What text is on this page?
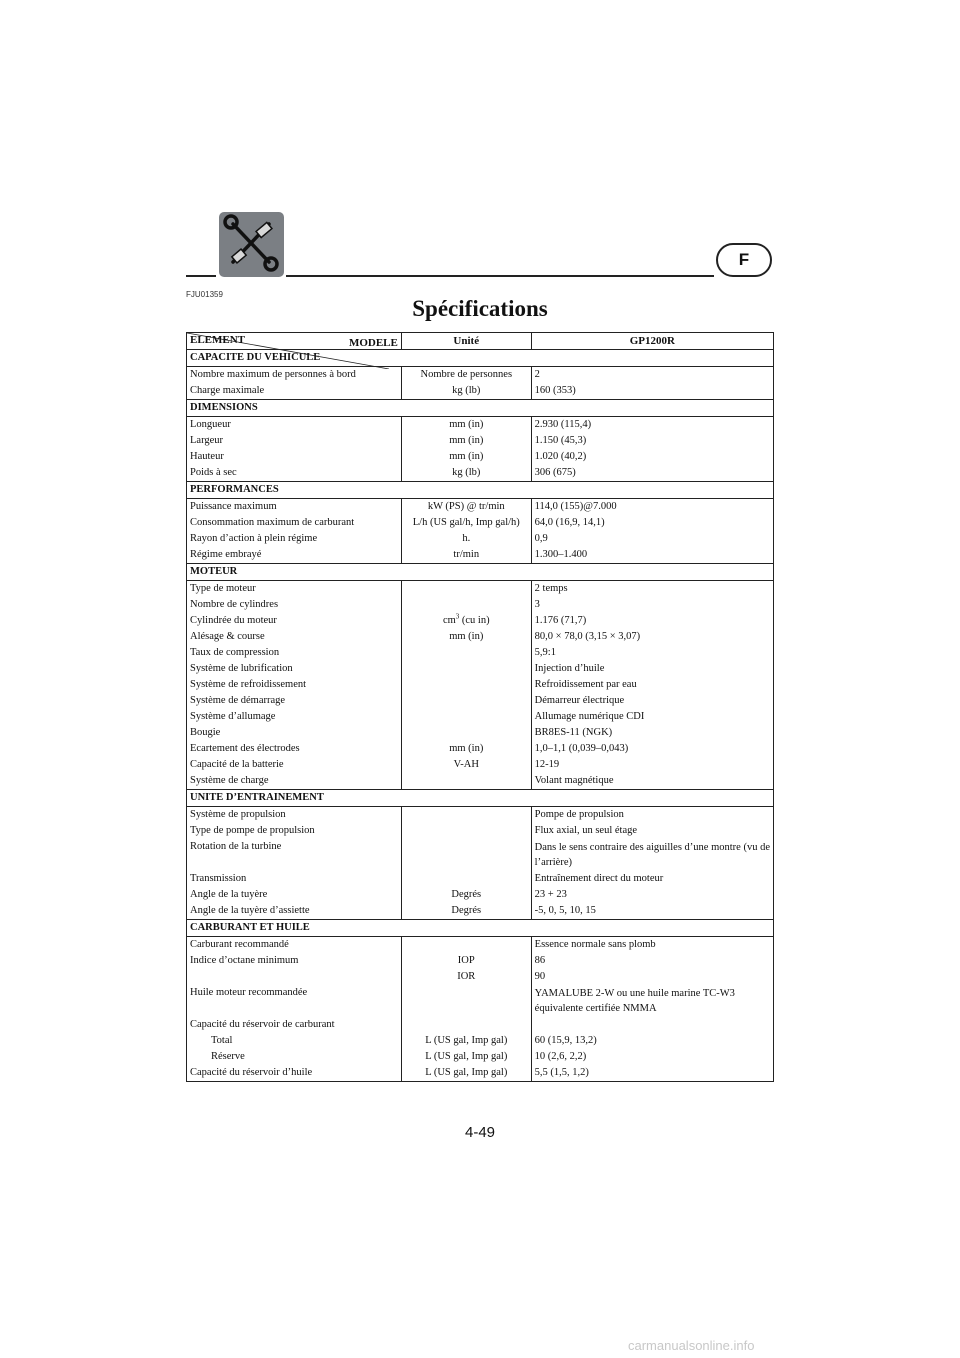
F
FJU01359
Spécifications
MODELE
ELEMENT	Unité	GP1200R
CAPACITE DU VEHICULE		
Nombre maximum de personnes à bord	Nombre de personnes	2
Charge maximale	kg (lb)	160 (353)
DIMENSIONS		
Longueur	mm (in)	2.930 (115,4)
Largeur	mm (in)	1.150 (45,3)
Hauteur	mm (in)	1.020 (40,2)
Poids à sec	kg (lb)	306 (675)
PERFORMANCES		
Puissance maximum	kW (PS) @ tr/min	114,0 (155)@7.000
Consommation maximum de carburant	L/h (US gal/h, Imp gal/h)	64,0 (16,9, 14,1)
Rayon d’action à plein régime	h.	0,9
Régime embrayé	tr/min	1.300–1.400
MOTEUR		
Type de moteur		2 temps
Nombre de cylindres		3
Cylindrée du moteur	$cm^3$ (cu in)	1.176 (71,7)
Alésage & course	mm (in)	80,0 × 78,0 (3,15 × 3,07)
Taux de compression		5,9:1
Système de lubrification		Injection d’huile
Système de refroidissement		Refroidissement par eau
Système de démarrage		Démarreur électrique
Système d’allumage		Allumage numérique CDI
Bougie		BR8ES-11 (NGK)
Ecartement des électrodes	mm (in)	1,0–1,1 (0,039–0,043)
Capacité de la batterie	V-AH	12-19
Système de charge		Volant magnétique
UNITE D’ENTRAINEMENT		
Système de propulsion		Pompe de propulsion
Type de pompe de propulsion		Flux axial, un seul étage
Rotation de la turbine		Dans le sens contraire des aiguilles d’une montre (vu de l’arrière)
Transmission		Entraînement direct du moteur
Angle de la tuyère	Degrés	23 + 23
Angle de la tuyère d’assiette	Degrés	-5, 0, 5, 10, 15
CARBURANT ET HUILE		
Carburant recommandé		Essence normale sans plomb
Indice d’octane minimum	IOP	86
	IOR	90
Huile moteur recommandée		YAMALUBE 2-W ou une huile marine TC-W3 équivalente certifiée NMMA
Capacité du réservoir de carburant		
Total	L (US gal, Imp gal)	60 (15,9, 13,2)
Réserve	L (US gal, Imp gal)	10 (2,6, 2,2)
Capacité du réservoir d’huile	L (US gal, Imp gal)	5,5 (1,5, 1,2)
4-49
carmanualsonline.info
